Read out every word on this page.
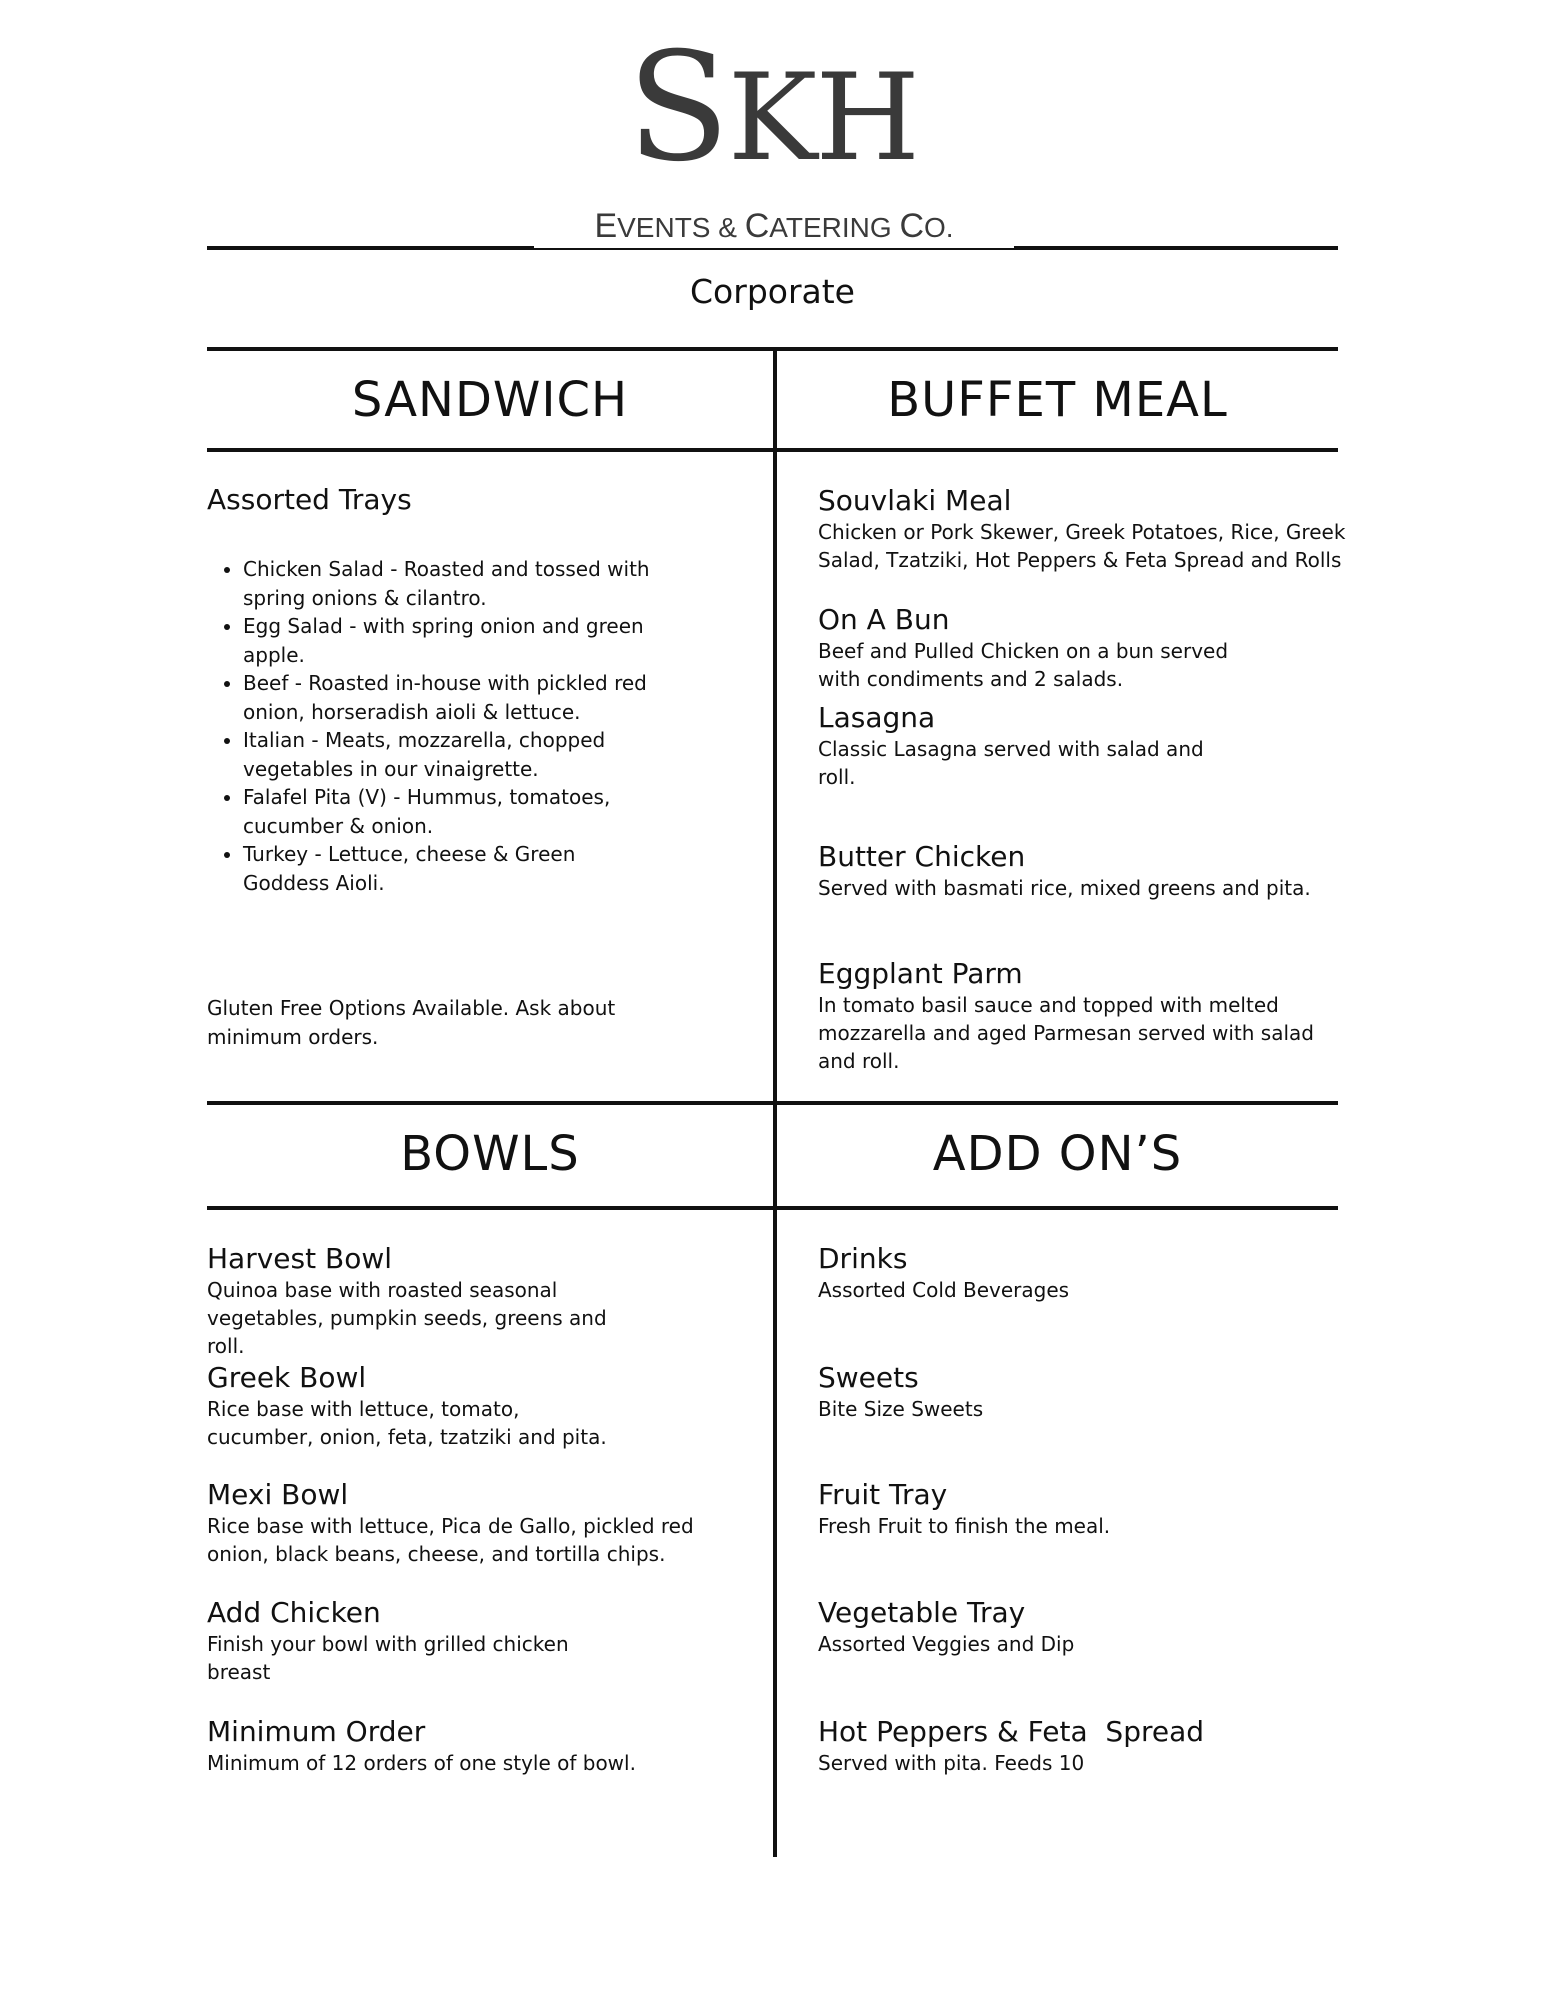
SKH
EVENTS & CATERING CO.
Corporate
SANDWICH	BUFFET MEAL
BOWLS	ADD ON’S
Assorted Trays
• Chicken Salad - Roasted and tossed with spring onions & cilantro.
• Egg Salad - with spring onion and green apple.
• Beef - Roasted in-house with pickled red onion, horseradish aioli & lettuce.
• Italian - Meats, mozzarella, chopped vegetables in our vinaigrette.
• Falafel Pita (V) - Hummus, tomatoes, cucumber & onion.
• Turkey - Lettuce, cheese & Green Goddess Aioli.
Gluten Free Options Available. Ask about minimum orders.
Souvlaki Meal
Chicken or Pork Skewer, Greek Potatoes, Rice, Greek Salad, Tzatziki, Hot Peppers & Feta Spread and Rolls
On A Bun
Beef and Pulled Chicken on a bun served with condiments and 2 salads.
Lasagna
Classic Lasagna served with salad and roll.
Butter Chicken
Served with basmati rice, mixed greens and pita.
Eggplant Parm
In tomato basil sauce and topped with melted mozzarella and aged Parmesan served with salad and roll.
Harvest Bowl
Quinoa base with roasted seasonal vegetables, pumpkin seeds, greens and roll.
Greek Bowl
Rice base with lettuce, tomato, cucumber, onion, feta, tzatziki and pita.
Mexi Bowl
Rice base with lettuce, Pica de Gallo, pickled red onion, black beans, cheese, and tortilla chips.
Add Chicken
Finish your bowl with grilled chicken breast
Minimum Order
Minimum of 12 orders of one style of bowl.
Drinks
Assorted Cold Beverages
Sweets
Bite Size Sweets
Fruit Tray
Fresh Fruit to finish the meal.
Vegetable Tray
Assorted Veggies and Dip
Hot Peppers & Feta  Spread
Served with pita. Feeds 10
